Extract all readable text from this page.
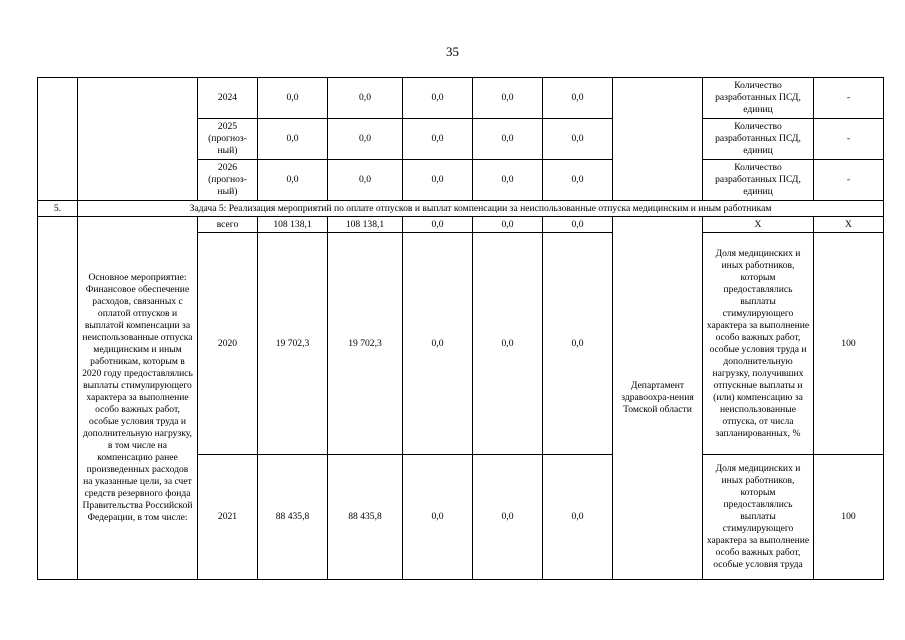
35
		2024	0,0	0,0	0,0	0,0	0,0		Количество разработанных ПСД, единиц	-
		2025 (прогноз-ный)	0,0	0,0	0,0	0,0	0,0		Количество разработанных ПСД, единиц	-
		2026 (прогноз-ный)	0,0	0,0	0,0	0,0	0,0		Количество разработанных ПСД, единиц	-
5.	Задача 5: Реализация мероприятий по оплате отпусков и выплат компенсации за неиспользованные отпуска медицинским и иным работникам									
	Основное мероприятие: Финансовое обеспечение расходов, связанных с оплатой отпусков и выплатой компенсации за неиспользованные отпуска медицинским и иным работникам, которым в 2020 году предоставлялись выплаты стимулирующего характера за выполнение особо важных работ, особые условия труда и дополнительную нагрузку, в том числе на компенсацию ранее произведенных расходов на указанные цели, за счет средств резервного фонда Правительства Российской Федерации, в том числе:	всего	108 138,1	108 138,1	0,0	0,0	0,0	Департамент здравоохра-нения Томской области	Х	Х
		2020	19 702,3	19 702,3	0,0	0,0	0,0		Доля медицинских и иных работников, которым предоставлялись выплаты стимулирующего характера за выполнение особо важных работ, особые условия труда и дополнительную нагрузку, получивших отпускные выплаты и (или) компенсацию за неиспользованные отпуска, от числа запланированных, %	100
		2021	88 435,8	88 435,8	0,0	0,0	0,0		Доля медицинских и иных работников, которым предоставлялись выплаты стимулирующего характера за выполнение особо важных работ, особые условия труда	100
